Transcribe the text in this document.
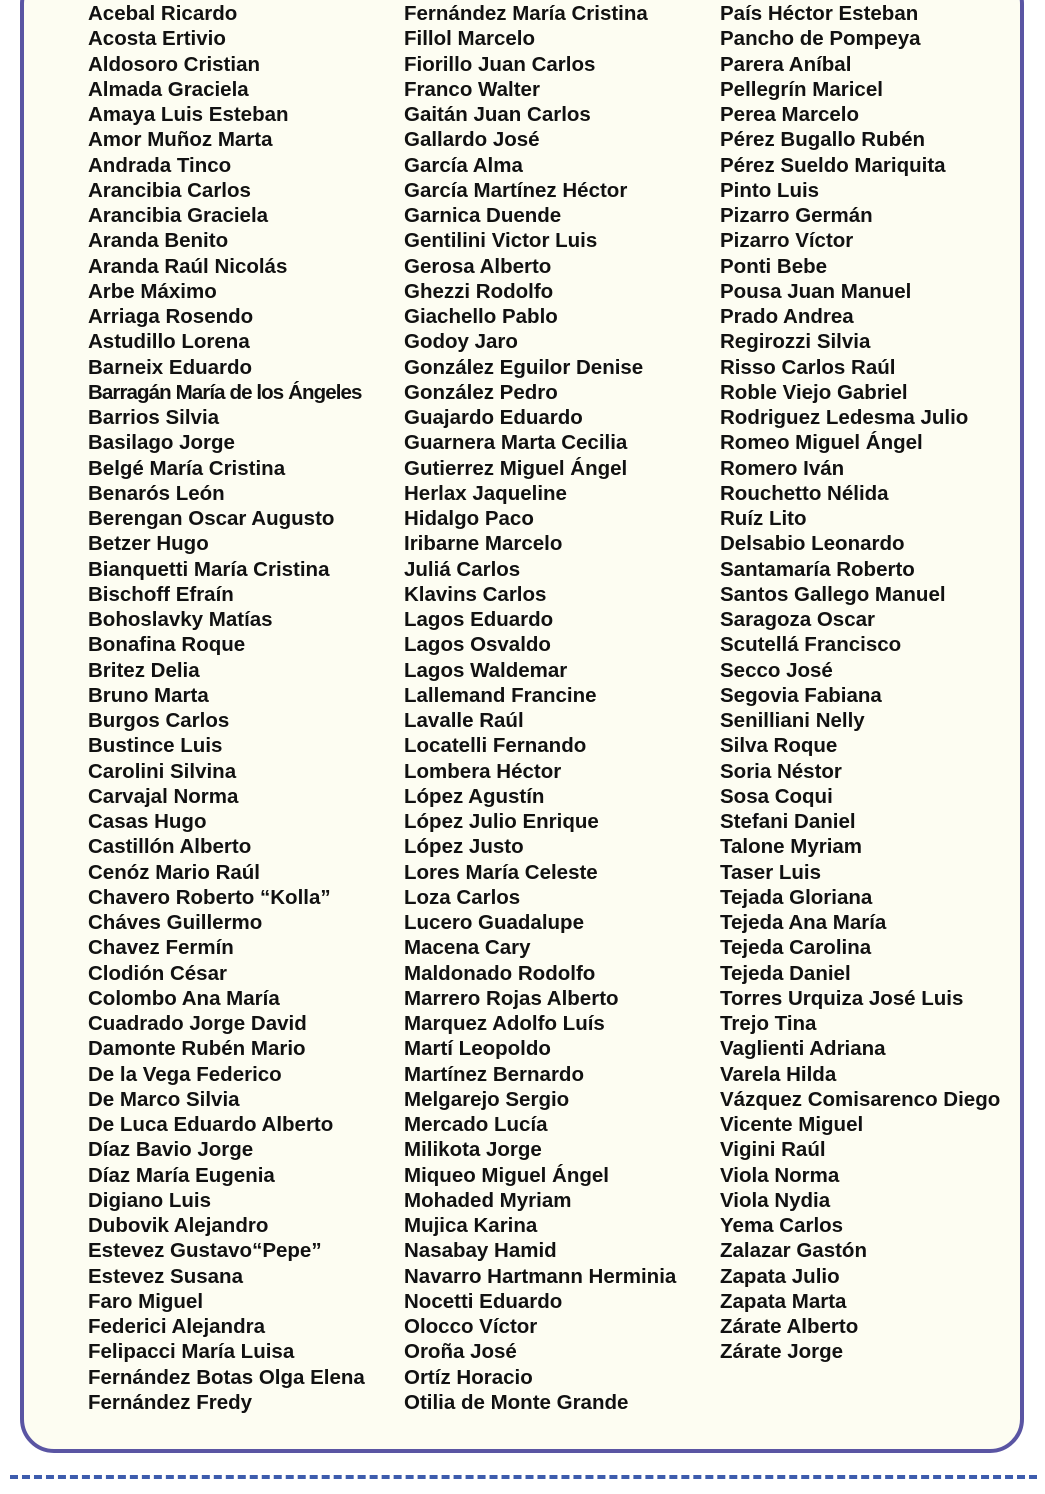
Acebal Ricardo
Acosta Ertivio
Aldosoro Cristian
Almada Graciela
Amaya Luis Esteban
Amor Muñoz Marta
Andrada Tinco
Arancibia Carlos
Arancibia Graciela
Aranda Benito
Aranda Raúl Nicolás
Arbe Máximo
Arriaga Rosendo
Astudillo Lorena
Barneix Eduardo
Barragán María de los Ángeles
Barrios Silvia
Basilago Jorge
Belgé María Cristina
Benarós León
Berengan Oscar Augusto
Betzer Hugo
Bianquetti María Cristina
Bischoff Efraín
Bohoslavky Matías
Bonafina Roque
Britez Delia
Bruno Marta
Burgos Carlos
Bustince Luis
Carolini Silvina
Carvajal Norma
Casas Hugo
Castillón Alberto
Cenóz Mario Raúl
Chavero Roberto “Kolla”
Cháves Guillermo
Chavez Fermín
Clodión César
Colombo Ana María
Cuadrado Jorge David
Damonte Rubén Mario
De la Vega Federico
De Marco Silvia
De Luca Eduardo Alberto
Díaz Bavio Jorge
Díaz María Eugenia
Digiano Luis
Dubovik Alejandro
Estevez Gustavo“Pepe”
Estevez Susana
Faro Miguel
Federici Alejandra
Felipacci María Luisa
Fernández Botas Olga Elena
Fernández Fredy
Fernández María Cristina
Fillol Marcelo
Fiorillo Juan Carlos
Franco Walter
Gaitán Juan Carlos
Gallardo José
García Alma
García Martínez Héctor
Garnica Duende
Gentilini Victor Luis
Gerosa Alberto
Ghezzi Rodolfo
Giachello Pablo
Godoy Jaro
González Eguilor Denise
González Pedro
Guajardo Eduardo
Guarnera Marta Cecilia
Gutierrez Miguel Ángel
Herlax Jaqueline
Hidalgo Paco
Iribarne Marcelo
Juliá Carlos
Klavins Carlos
Lagos Eduardo
Lagos Osvaldo
Lagos Waldemar
Lallemand Francine
Lavalle Raúl
Locatelli Fernando
Lombera Héctor
López Agustín
López Julio Enrique
López Justo
Lores María Celeste
Loza Carlos
Lucero Guadalupe
Macena Cary
Maldonado Rodolfo
Marrero Rojas Alberto
Marquez Adolfo Luís
Martí Leopoldo
Martínez Bernardo
Melgarejo Sergio
Mercado Lucía
Milikota Jorge
Miqueo Miguel Ángel
Mohaded Myriam
Mujica Karina
Nasabay Hamid
Navarro Hartmann Herminia
Nocetti Eduardo
Olocco Víctor
Oroña José
Ortíz Horacio
Otilia de Monte Grande
País Héctor Esteban
Pancho de Pompeya
Parera Aníbal
Pellegrín Maricel
Perea Marcelo
Pérez Bugallo Rubén
Pérez Sueldo Mariquita
Pinto Luis
Pizarro Germán
Pizarro Víctor
Ponti Bebe
Pousa Juan Manuel
Prado Andrea
Regirozzi Silvia
Risso Carlos Raúl
Roble Viejo Gabriel
Rodriguez Ledesma Julio
Romeo Miguel Ángel
Romero Iván
Rouchetto Nélida
Ruíz Lito
Delsabio Leonardo
Santamaría Roberto
Santos Gallego Manuel
Saragoza Oscar
Scutellá Francisco
Secco José
Segovia Fabiana
Senilliani Nelly
Silva Roque
Soria Néstor
Sosa Coqui
Stefani Daniel
Talone Myriam
Taser Luis
Tejada Gloriana
Tejeda Ana María
Tejeda Carolina
Tejeda Daniel
Torres Urquiza José Luis
Trejo Tina
Vaglienti Adriana
Varela Hilda
Vázquez Comisarenco Diego
Vicente Miguel
Vigini Raúl
Viola Norma
Viola Nydia
Yema Carlos
Zalazar Gastón
Zapata Julio
Zapata Marta
Zárate Alberto
Zárate Jorge
